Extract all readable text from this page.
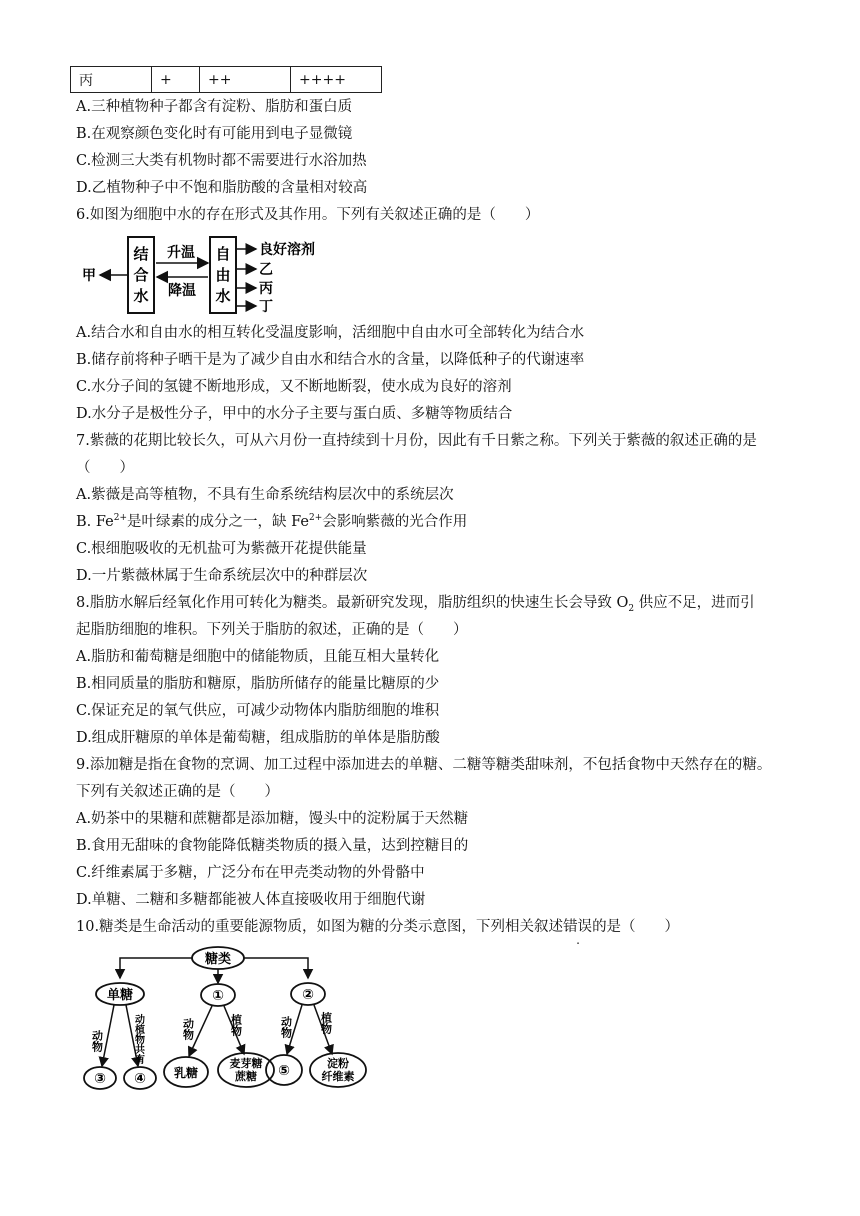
丙	+	++	++++
A.三种植物种子都含有淀粉、脂肪和蛋白质
B.在观察颜色变化时有可能用到电子显微镜
C.检测三大类有机物时都不需要进行水浴加热
D.乙植物种子中不饱和脂肪酸的含量相对较高
6.如图为细胞中水的存在形式及其作用。下列有关叙述正确的是（　　）
结
合
水
自
由
水
升温
降温
甲
良好溶剂
乙
丙
丁
A.结合水和自由水的相互转化受温度影响，活细胞中自由水可全部转化为结合水
B.储存前将种子晒干是为了减少自由水和结合水的含量，以降低种子的代谢速率
C.水分子间的氢键不断地形成，又不断地断裂，使水成为良好的溶剂
D.水分子是极性分子，甲中的水分子主要与蛋白质、多糖等物质结合
7.紫薇的花期比较长久，可从六月份一直持续到十月份，因此有千日紫之称。下列关于紫薇的叙述正确的是
（　　）
A.紫薇是高等植物，不具有生命系统结构层次中的系统层次
B. $Fe^{2+}$是叶绿素的成分之一，缺 $Fe^{2+}$会影响紫薇的光合作用
C.根细胞吸收的无机盐可为紫薇开花提供能量
D.一片紫薇林属于生命系统层次中的种群层次
8.脂肪水解后经氧化作用可转化为糖类。最新研究发现，脂肪组织的快速生长会导致 $O_2$ 供应不足，进而引
起脂肪细胞的堆积。下列关于脂肪的叙述，正确的是（　　）
A.脂肪和葡萄糖是细胞中的储能物质，且能互相大量转化
B.相同质量的脂肪和糖原，脂肪所储存的能量比糖原的少
C.保证充足的氧气供应，可减少动物体内脂肪细胞的堆积
D.组成肝糖原的单体是葡萄糖，组成脂肪的单体是脂肪酸
9.添加糖是指在食物的烹调、加工过程中添加进去的单糖、二糖等糖类甜味剂，不包括食物中天然存在的糖。
下列有关叙述正确的是（　　）
A.奶茶中的果糖和蔗糖都是添加糖，馒头中的淀粉属于天然糖
B.食用无甜味的食物能降低糖类物质的摄入量，达到控糖目的
C.纤维素属于多糖，广泛分布在甲壳类动物的外骨骼中
D.单糖、二糖和多糖都能被人体直接吸收用于细胞代谢
10.糖类是生命活动的重要能源物质，如图为糖的分类示意图，下列相关叙述错误的是（　　）
糖类
单糖	①	②
动物	动植物共有	动物	植物	动物 植物
③ ④ 乳糖
麦芽糖
蔗糖 ⑤	淀粉
纤维素
